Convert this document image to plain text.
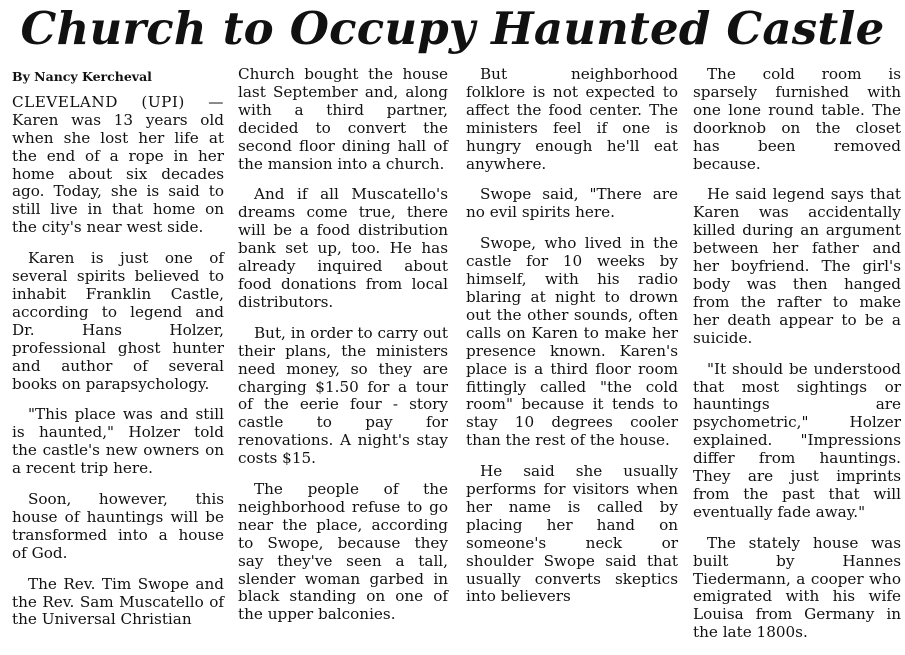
Church to Occupy Haunted Castle
By Nancy Kercheval

CLEVELAND (UPI) — Karen was 13 years old when she lost her life at the end of a rope in her home about six decades ago. Today, she is said to still live in that home on the city's near west side.

Karen is just one of several spirits believed to inhabit Franklin Castle, according to legend and Dr. Hans Holzer, professional ghost hunter and author of several books on parapsychology.

"This place was and still is haunted," Holzer told the castle's new owners on a recent trip here.

Soon, however, this house of hauntings will be transformed into a house of God.

The Rev. Tim Swope and the Rev. Sam Muscatello of the Universal Christian

Church bought the house last September and, along with a third partner, decided to convert the second floor dining hall of the mansion into a church.

And if all Muscatello's dreams come true, there will be a food distribution bank set up, too. He has already inquired about food donations from local distributors.

But, in order to carry out their plans, the ministers need money, so they are charging $1.50 for a tour of the eerie four - story castle to pay for renovations. A night's stay costs $15.

The people of the neighborhood refuse to go near the place, according to Swope, because they say they've seen a tall, slender woman garbed in black standing on one of the upper balconies.

But neighborhood folklore is not expected to affect the food center. The ministers feel if one is hungry enough he'll eat anywhere.

Swope said, "There are no evil spirits here.

Swope, who lived in the castle for 10 weeks by himself, with his radio blaring at night to drown out the other sounds, often calls on Karen to make her presence known. Karen's place is a third floor room fittingly called "the cold room" because it tends to stay 10 degrees cooler than the rest of the house.

He said she usually performs for visitors when her name is called by placing her hand on someone's neck or shoulder Swope said that usually converts skeptics into believers

The cold room is sparsely furnished with one lone round table. The doorknob on the closet has been removed because.

He said legend says that Karen was accidentally killed during an argument between her father and her boyfriend. The girl's body was then hanged from the rafter to make her death appear to be a suicide.

"It should be understood that most sightings or hauntings are psychometric," Holzer explained. "Impressions differ from hauntings. They are just imprints from the past that will eventually fade away."

The stately house was built by Hannes Tiedermann, a cooper who emigrated with his wife Louisa from Germany in the late 1800s.
